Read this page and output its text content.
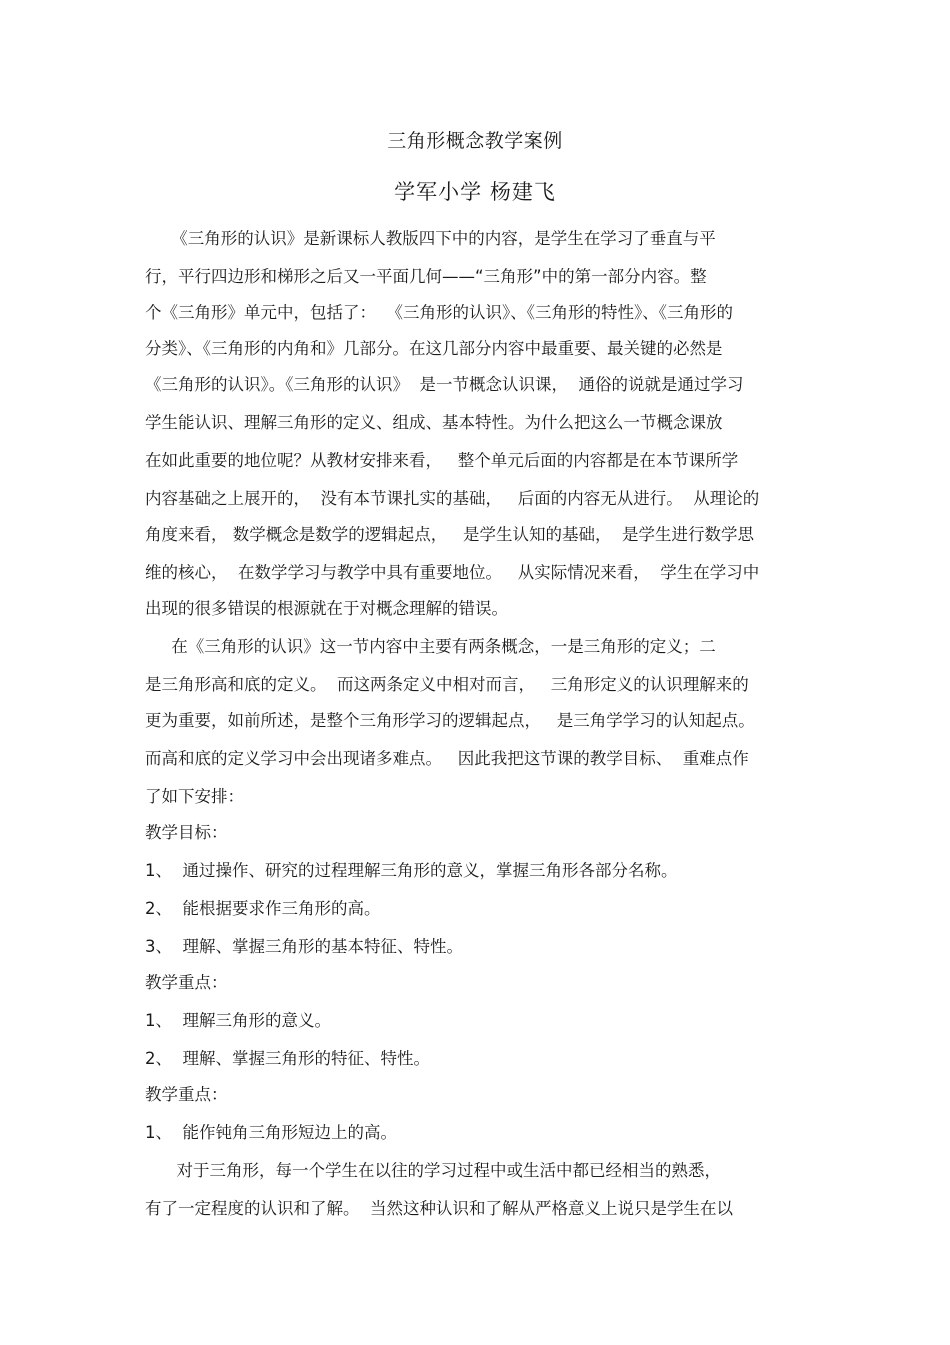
三角形概念教学案例
学军小学 杨建飞
《三角形的认识》是新课标人教版四下中的内容，是学生在学习了垂直与平
行，平行四边形和梯形之后又一平面几何——“三角形”中的第一部分内容。整
个《三角形》单元中，包括了：  《三角形的认识》、《三角形的特性》、《三角形的
分类》、《三角形的内角和》几部分。在这几部分内容中最重要、最关键的必然是
《三角形的认识》。《三角形的认识》  是一节概念认识课，  通俗的说就是通过学习
学生能认识、理解三角形的定义、组成、基本特性。为什么把这么一节概念课放
在如此重要的地位呢？从教材安排来看，   整个单元后面的内容都是在本节课所学
内容基础之上展开的，  没有本节课扎实的基础，   后面的内容无从进行。  从理论的
角度来看， 数学概念是数学的逻辑起点，   是学生认知的基础，  是学生进行数学思
维的核心，  在数学学习与教学中具有重要地位。   从实际情况来看，  学生在学习中
出现的很多错误的根源就在于对概念理解的错误。
在《三角形的认识》这一节内容中主要有两条概念，一是三角形的定义；二
是三角形高和底的定义。  而这两条定义中相对而言，   三角形定义的认识理解来的
更为重要，如前所述，是整个三角形学习的逻辑起点，   是三角学学习的认知起点。
而高和底的定义学习中会出现诸多难点。   因此我把这节课的教学目标、  重难点作
了如下安排：
教学目标：
1、  通过操作、研究的过程理解三角形的意义，掌握三角形各部分名称。
2、  能根据要求作三角形的高。
3、  理解、掌握三角形的基本特征、特性。
教学重点：
1、  理解三角形的意义。
2、  理解、掌握三角形的特征、特性。
教学重点：
1、  能作钝角三角形短边上的高。
对于三角形，每一个学生在以往的学习过程中或生活中都已经相当的熟悉，
有了一定程度的认识和了解。  当然这种认识和了解从严格意义上说只是学生在以
